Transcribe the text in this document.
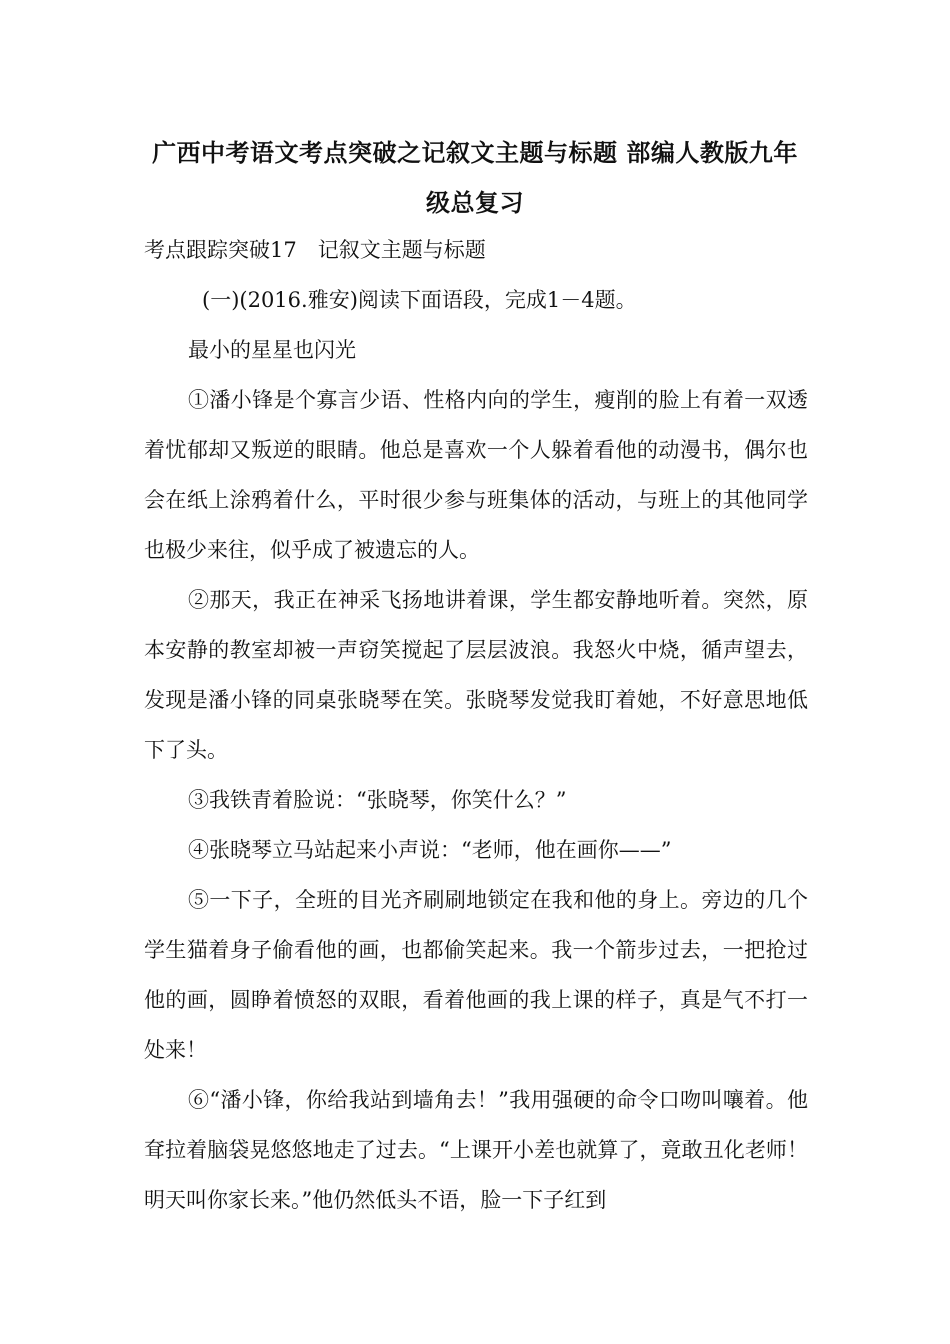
广西中考语文考点突破之记叙文主题与标题 部编人教版九年级总复习

考点跟踪突破17　记叙文主题与标题

(一)(2016.雅安)阅读下面语段，完成1－4题。

最小的星星也闪光

①潘小锋是个寡言少语、性格内向的学生，瘦削的脸上有着一双透着忧郁却又叛逆的眼睛。他总是喜欢一个人躲着看他的动漫书，偶尔也会在纸上涂鸦着什么，平时很少参与班集体的活动，与班上的其他同学也极少来往，似乎成了被遗忘的人。

②那天，我正在神采飞扬地讲着课，学生都安静地听着。突然，原本安静的教室却被一声窃笑搅起了层层波浪。我怒火中烧，循声望去，发现是潘小锋的同桌张晓琴在笑。张晓琴发觉我盯着她，不好意思地低下了头。

③我铁青着脸说：“张晓琴，你笑什么？”

④张晓琴立马站起来小声说：“老师，他在画你——”

⑤一下子，全班的目光齐刷刷地锁定在我和他的身上。旁边的几个学生猫着身子偷看他的画，也都偷笑起来。我一个箭步过去，一把抢过他的画，圆睁着愤怒的双眼，看着他画的我上课的样子，真是气不打一处来！

⑥“潘小锋，你给我站到墙角去！”我用强硬的命令口吻叫嚷着。他耷拉着脑袋晃悠悠地走了过去。“上课开小差也就算了，竟敢丑化老师！明天叫你家长来。”他仍然低头不语，脸一下子红到
